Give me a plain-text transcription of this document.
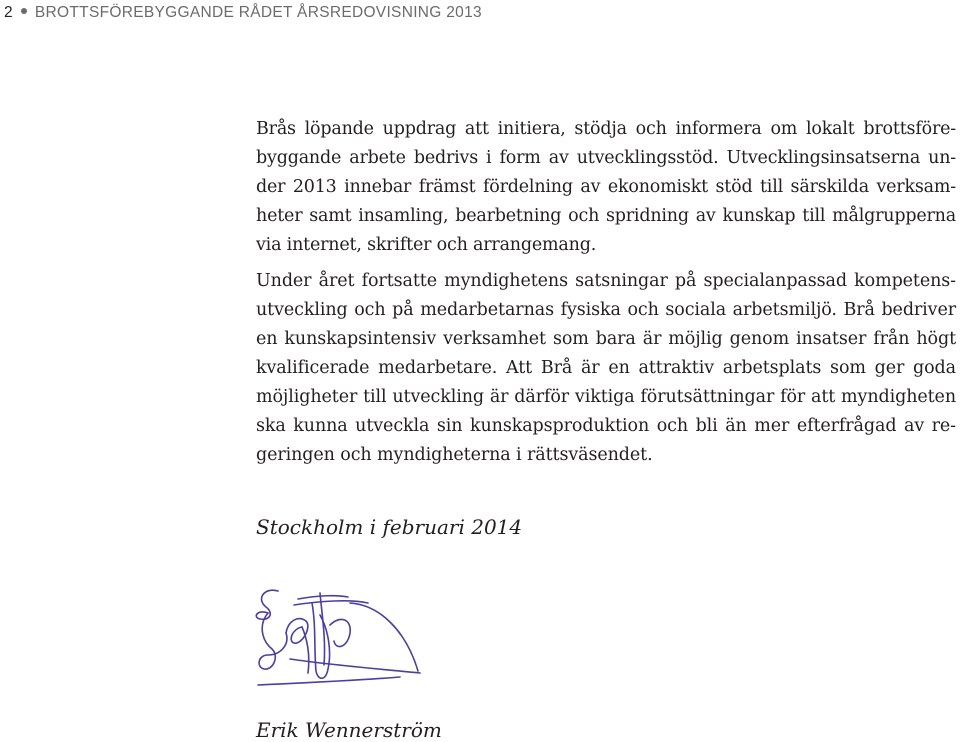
2 BROTTSFÖREBYGGANDE RÅDET ÅRSREDOVISNING 2013
Brås löpande uppdrag att initiera, stödja och informera om lokalt brottsföre-
byggande arbete bedrivs i form av utvecklingsstöd. Utvecklingsinsatserna un-
der 2013 innebar främst fördelning av ekonomiskt stöd till särskilda verksam-
heter samt insamling, bearbetning och spridning av kunskap till målgrupperna
via internet, skrifter och arrangemang.
Under året fortsatte myndighetens satsningar på specialanpassad kompetens-
utveckling och på medarbetarnas fysiska och sociala arbetsmiljö. Brå bedriver
en kunskapsintensiv verksamhet som bara är möjlig genom insatser från högt
kvalificerade medarbetare. Att Brå är en attraktiv arbetsplats som ger goda
möjligheter till utveckling är därför viktiga förutsättningar för att myndigheten
ska kunna utveckla sin kunskapsproduktion och bli än mer efterfrågad av re-
geringen och myndigheterna i rättsväsendet.
Stockholm i februari 2014
Erik Wennerström
